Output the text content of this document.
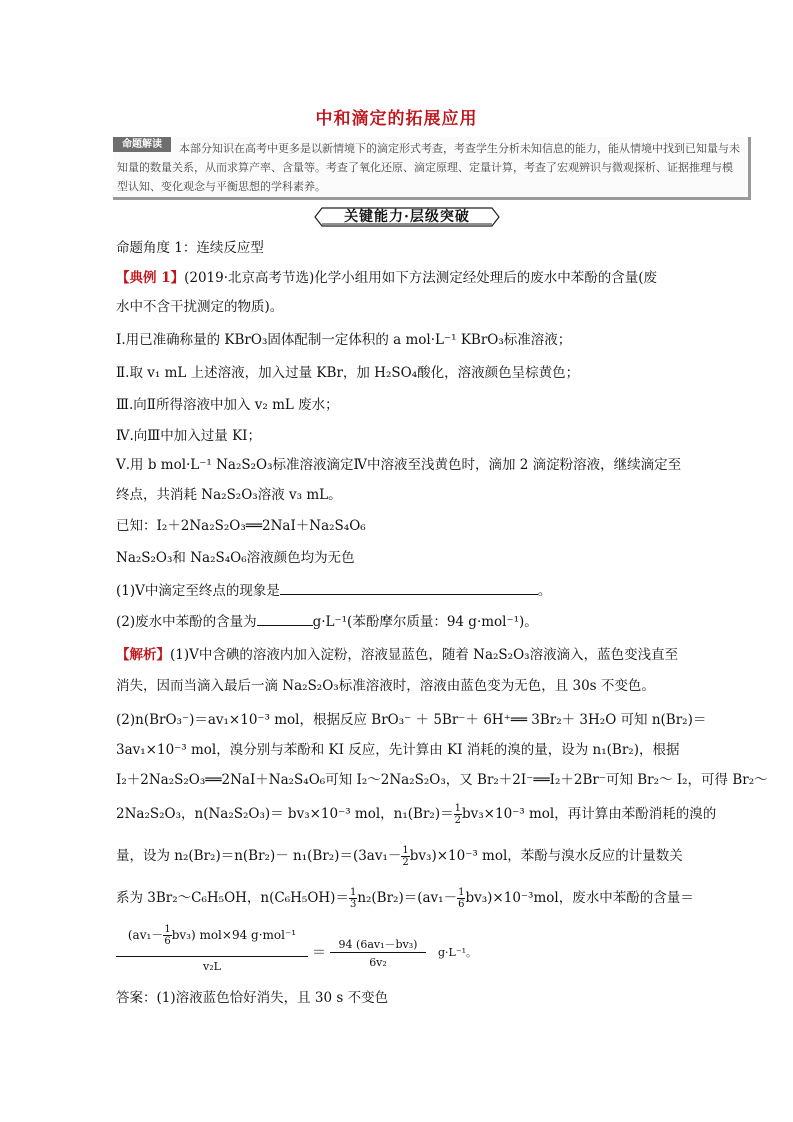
中和滴定的拓展应用
命题解读	本部分知识在高考中更多是以新情境下的滴定形式考查，考查学生分析未知信息的能力，能从情境中找到已知量与未知量的数量关系，从而求算产率、含量等。考查了氧化还原、滴定原理、定量计算，考查了宏观辨识与微观探析、证据推理与模型认知、变化观念与平衡思想的学科素养。
关键能力·层级突破
命题角度 1：连续反应型
【典例 1】(2019·北京高考节选)化学小组用如下方法测定经处理后的废水中苯酚的含量(废
水中不含干扰测定的物质)。
Ⅰ.用已准确称量的 KBrO₃固体配制一定体积的 a mol·L⁻¹ KBrO₃标准溶液；
Ⅱ.取 v₁ mL 上述溶液，加入过量 KBr，加 H₂SO₄酸化，溶液颜色呈棕黄色；
Ⅲ.向Ⅱ所得溶液中加入 v₂ mL 废水；
Ⅳ.向Ⅲ中加入过量 KI；
Ⅴ.用 b mol·L⁻¹ Na₂S₂O₃标准溶液滴定Ⅳ中溶液至浅黄色时，滴加 2 滴淀粉溶液，继续滴定至
终点，共消耗 Na₂S₂O₃溶液 v₃ mL。
已知：I₂＋2Na₂S₂O₃══2NaI＋Na₂S₄O₆
Na₂S₂O₃和 Na₂S₄O₆溶液颜色均为无色
(1)Ⅴ中滴定至终点的现象是	。
(2)废水中苯酚的含量为	g·L⁻¹(苯酚摩尔质量：94 g·mol⁻¹)。
【解析】(1)Ⅴ中含碘的溶液内加入淀粉，溶液显蓝色，随着 Na₂S₂O₃溶液滴入，蓝色变浅直至
消失，因而当滴入最后一滴 Na₂S₂O₃标准溶液时，溶液由蓝色变为无色，且 30s 不变色。
(2)n(BrO₃⁻)＝av₁×10⁻³ mol，根据反应 BrO₃⁻ ＋ 5Br⁻＋ 6H⁺══ 3Br₂＋ 3H₂O 可知 n(Br₂)＝
3av₁×10⁻³ mol，溴分别与苯酚和 KI 反应，先计算由 KI 消耗的溴的量，设为 n₁(Br₂)，根据
I₂＋2Na₂S₂O₃══2NaI＋Na₂S₄O₆可知 I₂～2Na₂S₂O₃，又 Br₂＋2I⁻══I₂＋2Br⁻可知 Br₂～ I₂，可得 Br₂～
2Na₂S₂O₃，n(Na₂S₂O₃)＝ bv₃×10⁻³ mol，$n_1(Br_2)= \frac{1}{2} bv_3\times 10^{-3}$ mol，再计算由苯酚消耗的溴的
量，设为 $n_2(Br_2)=n(Br_2)- n_1(Br_2)=(3av_1- \frac{1}{2} bv_3)\times 10^{-3}$ mol，苯酚与溴水反应的计量数关
系为 3Br₂～C₆H₅OH，$n(C_6H_5OH)= \frac{1}{3} n_2(Br_2)=(av_1- \frac{1}{6} bv_3)\times 10^{-3}mol$，废水中苯酚的含量＝
$(av_1- \frac{1}{6} bv_3)$ mol×94 g·mol⁻¹
v₂L
＝
94 (6av₁－bv₃)
6v₂
g·L⁻¹。
答案：(1)溶液蓝色恰好消失，且 30 s 不变色
